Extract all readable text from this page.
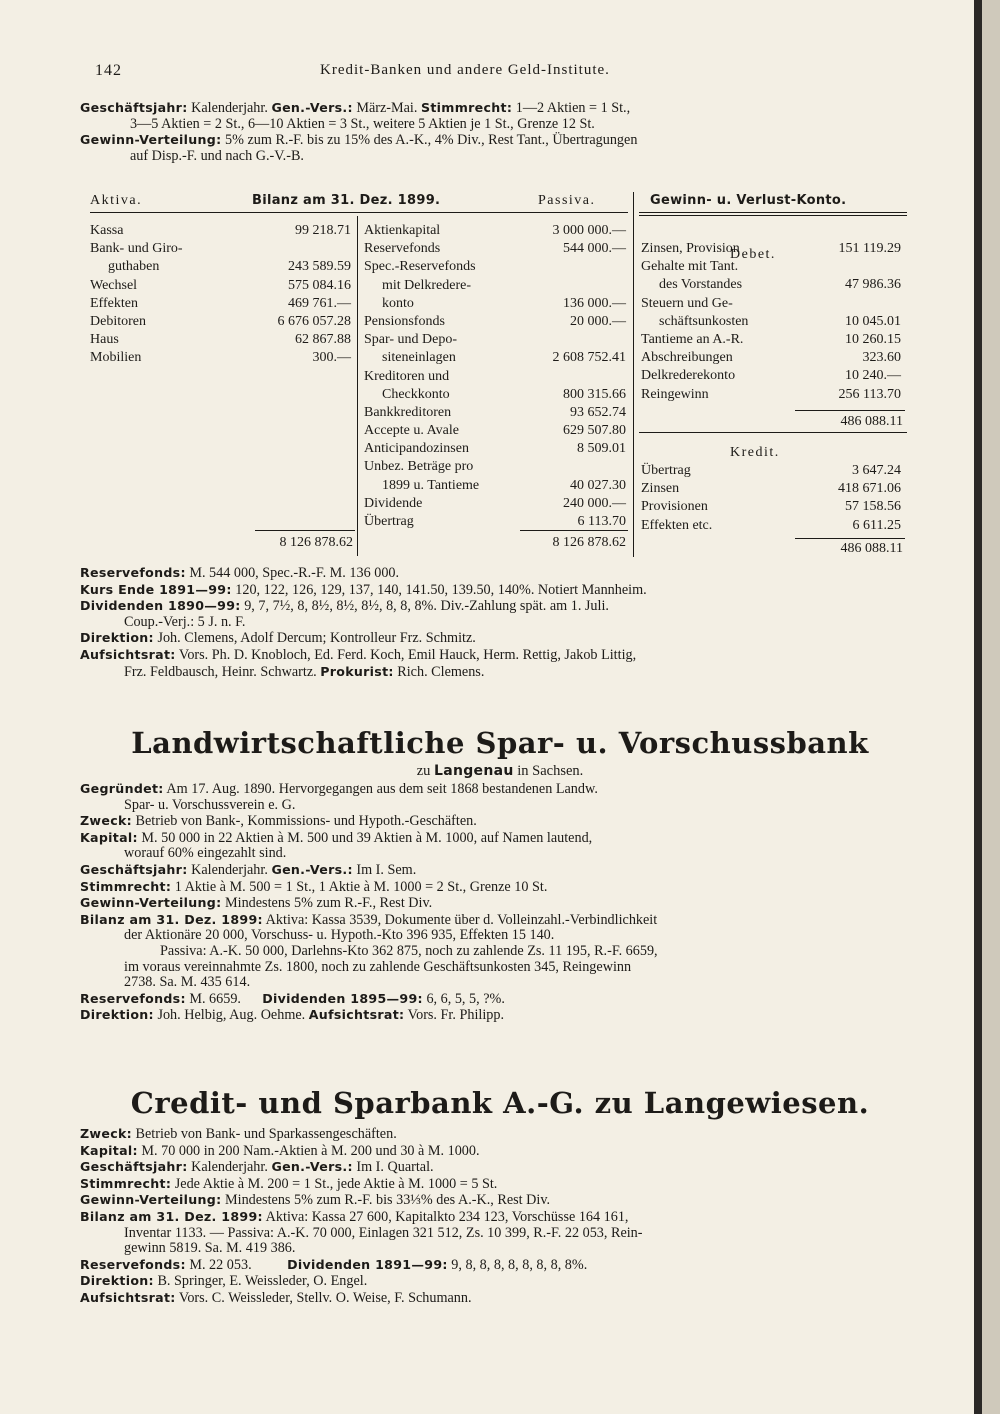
142	Kredit-Banken und andere Geld-Institute.

Geschäftsjahr: Kalenderjahr. Gen.-Vers.: März-Mai. Stimmrecht: 1—2 Aktien = 1 St.,

3—5 Aktien = 2 St., 6—10 Aktien = 3 St., weitere 5 Aktien je 1 St., Grenze 12 St.

Gewinn-Verteilung: 5% zum R.-F. bis zu 15% des A.-K., 4% Div., Rest Tant., Übertragungen

auf Disp.-F. und nach G.-V.-B.

Aktiva.	Bilanz am 31. Dez. 1899.	Passiva.	Gewinn- u. Verlust-Konto.
Kassa	99 218.71
Bank- und Giro-
guthaben	243 589.59
Wechsel	575 084.16
Effekten	469 761.—
Debitoren	6 676 057.28
Haus	62 867.88
Mobilien	300.—
Aktienkapital	3 000 000.—
Reservefonds	544 000.—
Spec.-Reservefonds
mit Delkredere-
konto	136 000.—
Pensionsfonds	20 000.—
Spar- und Depo-
siteneinlagen	2 608 752.41
Kreditoren und
Checkkonto	800 315.66
Bankkreditoren	93 652.74
Accepte u. Avale	629 507.80
Anticipandozinsen	8 509.01
Unbez. Beträge pro
1899 u. Tantieme	40 027.30
Dividende	240 000.—
Übertrag	6 113.70
8 126 878.62	8 126 878.62
Debet.
Zinsen, Provision	151 119.29
Gehalte mit Tant.
des Vorstandes	47 986.36
Steuern und Ge-
schäftsunkosten	10 045.01
Tantieme an A.-R.	10 260.15
Abschreibungen	323.60
Delkrederekonto	10 240.—
Reingewinn	256 113.70
486 088.11
Kredit.
Übertrag	3 647.24
Zinsen	418 671.06
Provisionen	57 158.56
Effekten etc.	6 611.25
486 088.11

Reservefonds: M. 544 000, Spec.-R.-F. M. 136 000.

Kurs Ende 1891—99: 120, 122, 126, 129, 137, 140, 141.50, 139.50, 140%. Notiert Mannheim.

Dividenden 1890—99: 9, 7, 7½, 8, 8½, 8½, 8½, 8, 8, 8%. Div.-Zahlung spät. am 1. Juli.

Coup.-Verj.: 5 J. n. F.

Direktion: Joh. Clemens, Adolf Dercum; Kontrolleur Frz. Schmitz.

Aufsichtsrat: Vors. Ph. D. Knobloch, Ed. Ferd. Koch, Emil Hauck, Herm. Rettig, Jakob Littig,

Frz. Feldbausch, Heinr. Schwartz. Prokurist: Rich. Clemens.

Landwirtschaftliche Spar- u. Vorschussbank
zu Langenau in Sachsen.

Gegründet: Am 17. Aug. 1890. Hervorgegangen aus dem seit 1868 bestandenen Landw.

Spar- u. Vorschussverein e. G.

Zweck: Betrieb von Bank-, Kommissions- und Hypoth.-Geschäften.

Kapital: M. 50 000 in 22 Aktien à M. 500 und 39 Aktien à M. 1000, auf Namen lautend,

worauf 60% eingezahlt sind.

Geschäftsjahr: Kalenderjahr. Gen.-Vers.: Im I. Sem.

Stimmrecht: 1 Aktie à M. 500 = 1 St., 1 Aktie à M. 1000 = 2 St., Grenze 10 St.

Gewinn-Verteilung: Mindestens 5% zum R.-F., Rest Div.

Bilanz am 31. Dez. 1899: Aktiva: Kassa 3539, Dokumente über d. Volleinzahl.-Verbindlichkeit

der Aktionäre 20 000, Vorschuss- u. Hypoth.-Kto 396 935, Effekten 15 140.

Passiva: A.-K. 50 000, Darlehns-Kto 362 875, noch zu zahlende Zs. 11 195, R.-F. 6659,

im voraus vereinnahmte Zs. 1800, noch zu zahlende Geschäftsunkosten 345, Reingewinn

2738. Sa. M. 435 614.

Reservefonds: M. 6659.      Dividenden 1895—99: 6, 6, 5, 5, ?%.

Direktion: Joh. Helbig, Aug. Oehme. Aufsichtsrat: Vors. Fr. Philipp.

Credit- und Sparbank A.-G. zu Langewiesen.

Zweck: Betrieb von Bank- und Sparkassengeschäften.

Kapital: M. 70 000 in 200 Nam.-Aktien à M. 200 und 30 à M. 1000.

Geschäftsjahr: Kalenderjahr. Gen.-Vers.: Im I. Quartal.

Stimmrecht: Jede Aktie à M. 200 = 1 St., jede Aktie à M. 1000 = 5 St.

Gewinn-Verteilung: Mindestens 5% zum R.-F. bis 33⅓% des A.-K., Rest Div.

Bilanz am 31. Dez. 1899: Aktiva: Kassa 27 600, Kapitalkto 234 123, Vorschüsse 164 161,

Inventar 1133. — Passiva: A.-K. 70 000, Einlagen 321 512, Zs. 10 399, R.-F. 22 053, Rein-

gewinn 5819. Sa. M. 419 386.

Reservefonds: M. 22 053.          Dividenden 1891—99: 9, 8, 8, 8, 8, 8, 8, 8, 8%.

Direktion: B. Springer, E. Weissleder, O. Engel.

Aufsichtsrat: Vors. C. Weissleder, Stellv. O. Weise, F. Schumann.
